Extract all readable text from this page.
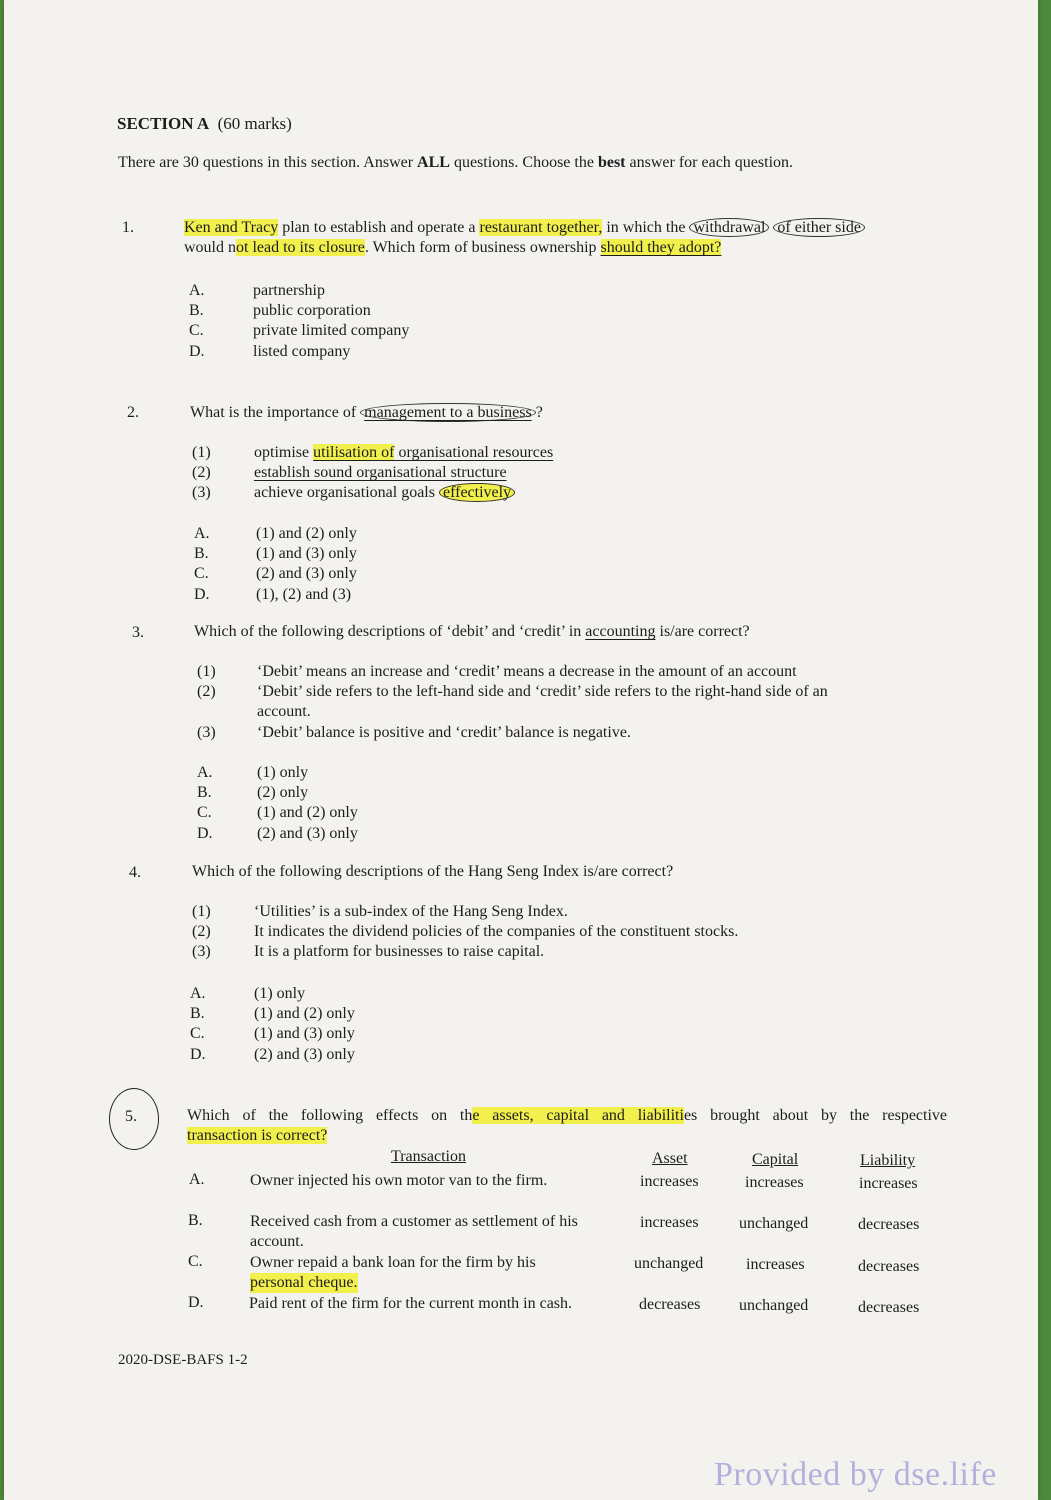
SECTION A (60 marks)
There are 30 questions in this section. Answer ALL questions. Choose the best answer for each question.
1.	Ken and Tracy plan to establish and operate a restaurant together, in which the withdrawal of either side
would not lead to its closure. Which form of business ownership should they adopt?
A.	partnership
B.	public corporation
C.	private limited company
D.	listed company
2.	What is the importance of management to a business ?
(1)	optimise utilisation of organisational resources
(2)	establish sound organisational structure
(3)	achieve organisational goals effectively
A.	(1) and (2) only
B.	(1) and (3) only
C.	(2) and (3) only
D.	(1), (2) and (3)
3.	Which of the following descriptions of ‘debit’ and ‘credit’ in accounting is/are correct?
(1)	‘Debit’ means an increase and ‘credit’ means a decrease in the amount of an account
(2)	‘Debit’ side refers to the left-hand side and ‘credit’ side refers to the right-hand side of an
account.
(3)	‘Debit’ balance is positive and ‘credit’ balance is negative.
A.	(1) only
B.	(2) only
C.	(1) and (2) only
D.	(2) and (3) only
4.	Which of the following descriptions of the Hang Seng Index is/are correct?
(1)	‘Utilities’ is a sub-index of the Hang Seng Index.
(2)	It indicates the dividend policies of the companies of the constituent stocks.
(3)	It is a platform for businesses to raise capital.
A.	(1) only
B.	(1) and (2) only
C.	(1) and (3) only
D.	(2) and (3) only
5.	Which of the following effects on the assets, capital and liabilities brought about by the respective
transaction is correct?
Transaction	Asset	Capital	Liability
A.	Owner injected his own motor van to the firm.	increases	increases	increases
B.	Received cash from a customer as settlement of his
account.
increases	unchanged	decreases
C.	Owner repaid a bank loan for the firm by his
personal cheque.
unchanged	increases	decreases
D.	Paid rent of the firm for the current month in cash.	decreases unchanged	decreases
2020-DSE-BAFS 1-2
Provided by dse.life
